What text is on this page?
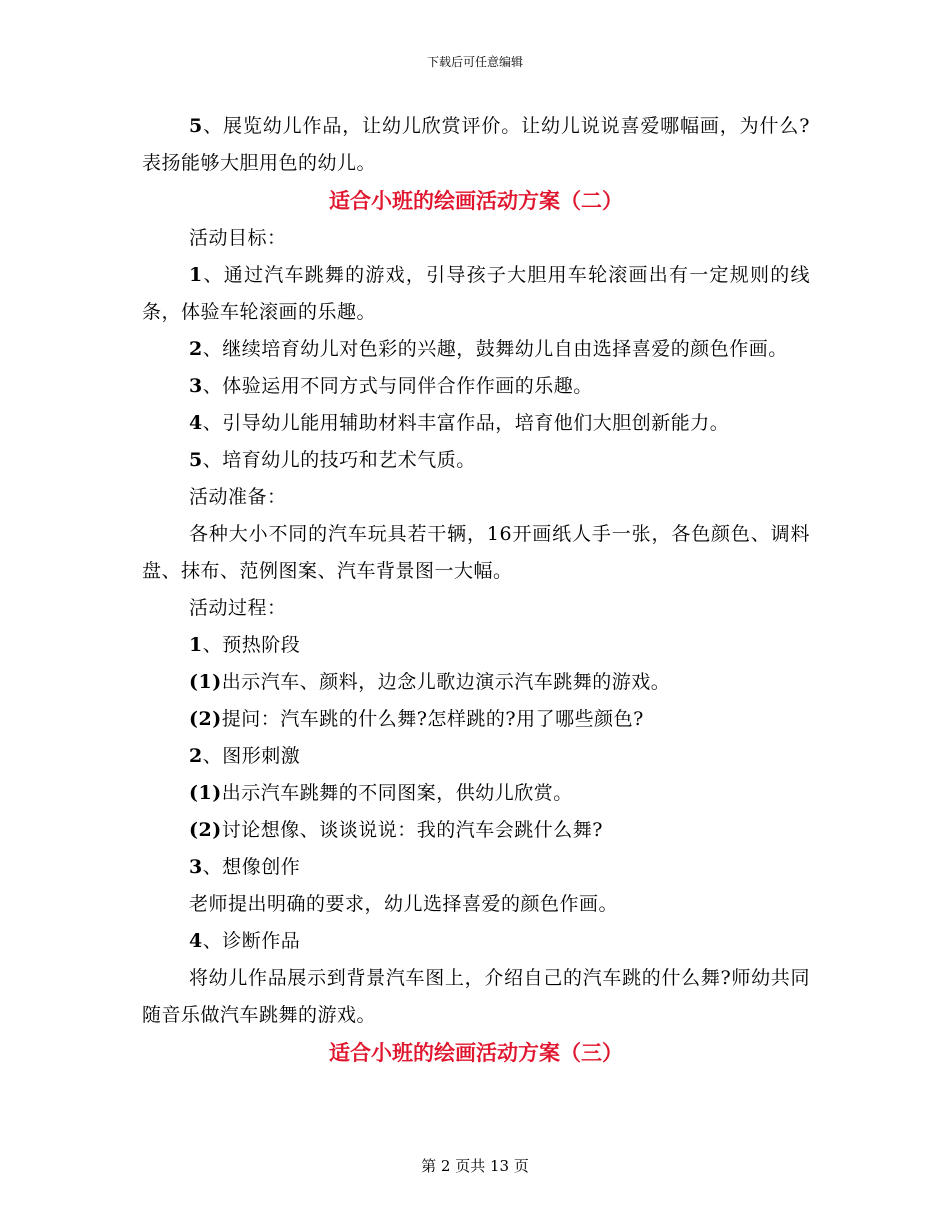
下载后可任意编辑

5、展览幼儿作品，让幼儿欣赏评价。让幼儿说说喜爱哪幅画，为什么?表扬能够大胆用色的幼儿。

适合小班的绘画活动方案（二）

活动目标：

1、通过汽车跳舞的游戏，引导孩子大胆用车轮滚画出有一定规则的线条，体验车轮滚画的乐趣。

2、继续培育幼儿对色彩的兴趣，鼓舞幼儿自由选择喜爱的颜色作画。

3、体验运用不同方式与同伴合作作画的乐趣。

4、引导幼儿能用辅助材料丰富作品，培育他们大胆创新能力。

5、培育幼儿的技巧和艺术气质。

活动准备：

各种大小不同的汽车玩具若干辆，16开画纸人手一张，各色颜色、调料盘、抹布、范例图案、汽车背景图一大幅。

活动过程：

1、预热阶段

(1)出示汽车、颜料，边念儿歌边演示汽车跳舞的游戏。

(2)提问：汽车跳的什么舞?怎样跳的?用了哪些颜色?

2、图形刺激

(1)出示汽车跳舞的不同图案，供幼儿欣赏。

(2)讨论想像、谈谈说说：我的汽车会跳什么舞?

3、想像创作

老师提出明确的要求，幼儿选择喜爱的颜色作画。

4、诊断作品

将幼儿作品展示到背景汽车图上，介绍自己的汽车跳的什么舞?师幼共同随音乐做汽车跳舞的游戏。

适合小班的绘画活动方案（三）

第 2 页共 13 页
